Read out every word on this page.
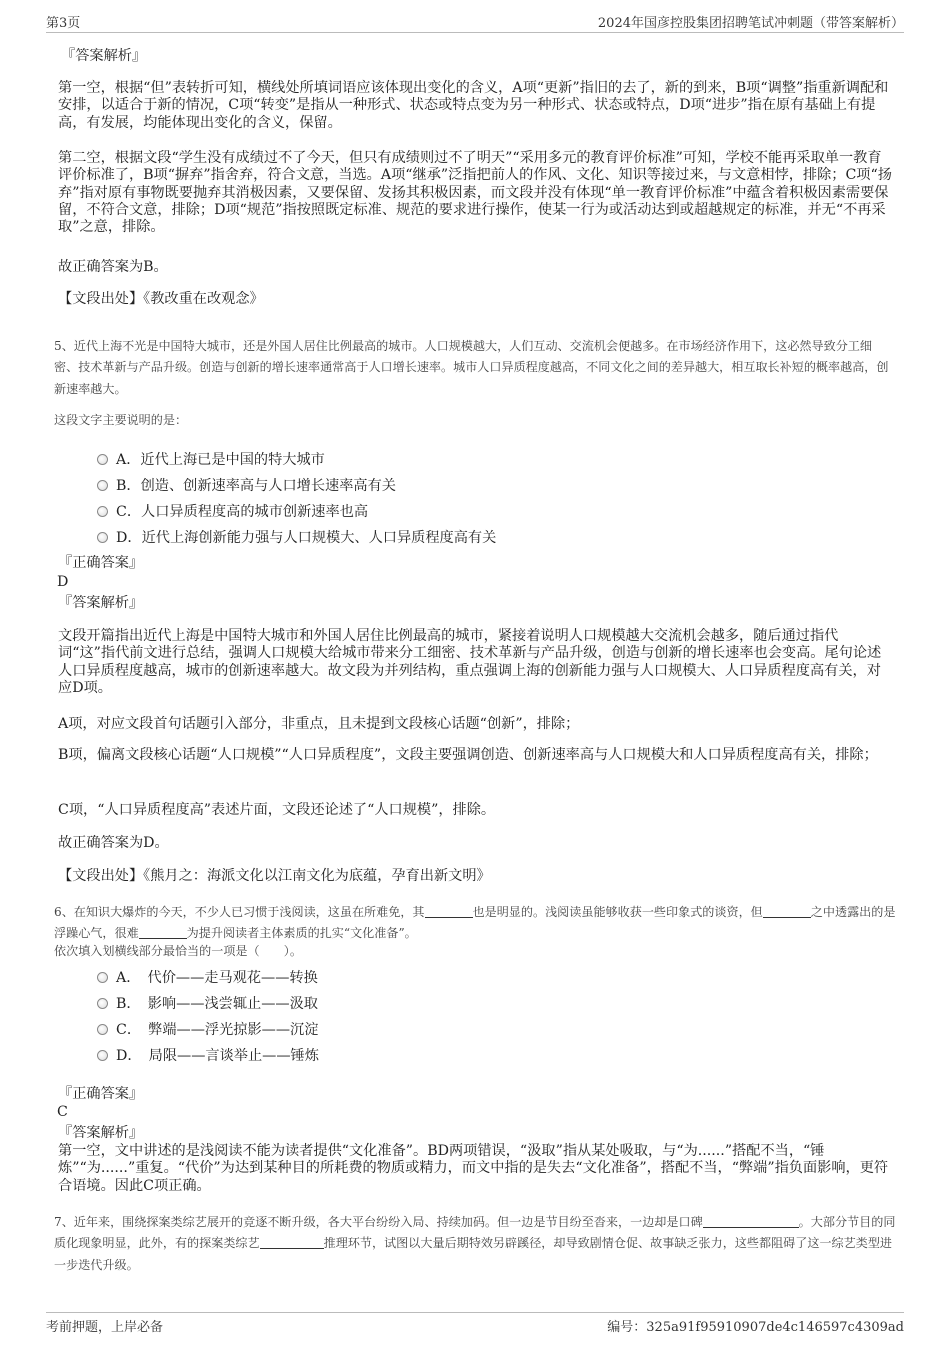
第3页	2024年国彦控股集团招聘笔试冲刺题（带答案解析）
『答案解析』

第一空，根据“但”表转折可知，横线处所填词语应该体现出变化的含义，A项“更新”指旧的去了，新的到来，B项“调整”指重新调配和安排，以适合于新的情况，C项“转变”是指从一种形式、状态或特点变为另一种形式、状态或特点，D项“进步”指在原有基础上有提高，有发展，均能体现出变化的含义，保留。

第二空，根据文段“学生没有成绩过不了今天，但只有成绩则过不了明天”“采用多元的教育评价标准”可知，学校不能再采取单一教育评价标准了，B项“摒弃”指舍弃，符合文意，当选。A项“继承”泛指把前人的作风、文化、知识等接过来，与文意相悖，排除；C项“扬弃”指对原有事物既要抛弃其消极因素，又要保留、发扬其积极因素，而文段并没有体现“单一教育评价标准”中蕴含着积极因素需要保留，不符合文意，排除；D项“规范”指按照既定标准、规范的要求进行操作，使某一行为或活动达到或超越规定的标准，并无“不再采取”之意，排除。

故正确答案为B。

【文段出处】《教改重在改观念》

5、近代上海不光是中国特大城市，还是外国人居住比例最高的城市。人口规模越大，人们互动、交流机会便越多。在市场经济作用下，这必然导致分工细密、技术革新与产品升级。创造与创新的增长速率通常高于人口增长速率。城市人口异质程度越高，不同文化之间的差异越大，相互取长补短的概率越高，创新速率越大。

这段文字主要说明的是：

A．近代上海已是中国的特大城市
B．创造、创新速率高与人口增长速率高有关
C．人口异质程度高的城市创新速率也高
D．近代上海创新能力强与人口规模大、人口异质程度高有关
『正确答案』
D
『答案解析』

文段开篇指出近代上海是中国特大城市和外国人居住比例最高的城市，紧接着说明人口规模越大交流机会越多，随后通过指代词“这”指代前文进行总结，强调人口规模大给城市带来分工细密、技术革新与产品升级，创造与创新的增长速率也会变高。尾句论述人口异质程度越高，城市的创新速率越大。故文段为并列结构，重点强调上海的创新能力强与人口规模大、人口异质程度高有关，对应D项。

A项，对应文段首句话题引入部分，非重点，且未提到文段核心话题“创新”，排除；

B项，偏离文段核心话题“人口规模”“人口异质程度”，文段主要强调创造、创新速率高与人口规模大和人口异质程度高有关，排除；

C项，“人口异质程度高”表述片面，文段还论述了“人口规模”，排除。

故正确答案为D。

【文段出处】《熊月之：海派文化以江南文化为底蕴，孕育出新文明》

6、在知识大爆炸的今天，不少人已习惯于浅阅读，这虽在所难免，其	也是明显的。浅阅读虽能够收获一些印象式的谈资，但	之中透露出的是浮躁心气，很难	为提升阅读者主体素质的扎实“文化准备”。

依次填入划横线部分最恰当的一项是（　　）。

A．　代价——走马观花——转换
B．　影响——浅尝辄止——汲取
C．　弊端——浮光掠影——沉淀
D．　局限——言谈举止——锤炼
『正确答案』
C
『答案解析』

第一空，文中讲述的是浅阅读不能为读者提供“文化准备”。BD两项错误，“汲取”指从某处吸取，与“为......”搭配不当，“锤炼”“为......”重复。“代价”为达到某种目的所耗费的物质或精力，而文中指的是失去“文化准备”，搭配不当，“弊端”指负面影响，更符合语境。因此C项正确。

7、近年来，围绕探案类综艺展开的竞逐不断升级，各大平台纷纷入局、持续加码。但一边是节目纷至沓来，一边却是口碑	。大部分节目的同质化现象明显，此外，有的探案类综艺	推理环节，试图以大量后期特效另辟蹊径，却导致剧情仓促、故事缺乏张力，这些都阻碍了这一综艺类型进一步迭代升级。

考前押题，上岸必备	编号：325a91f95910907de4c146597c4309ad
